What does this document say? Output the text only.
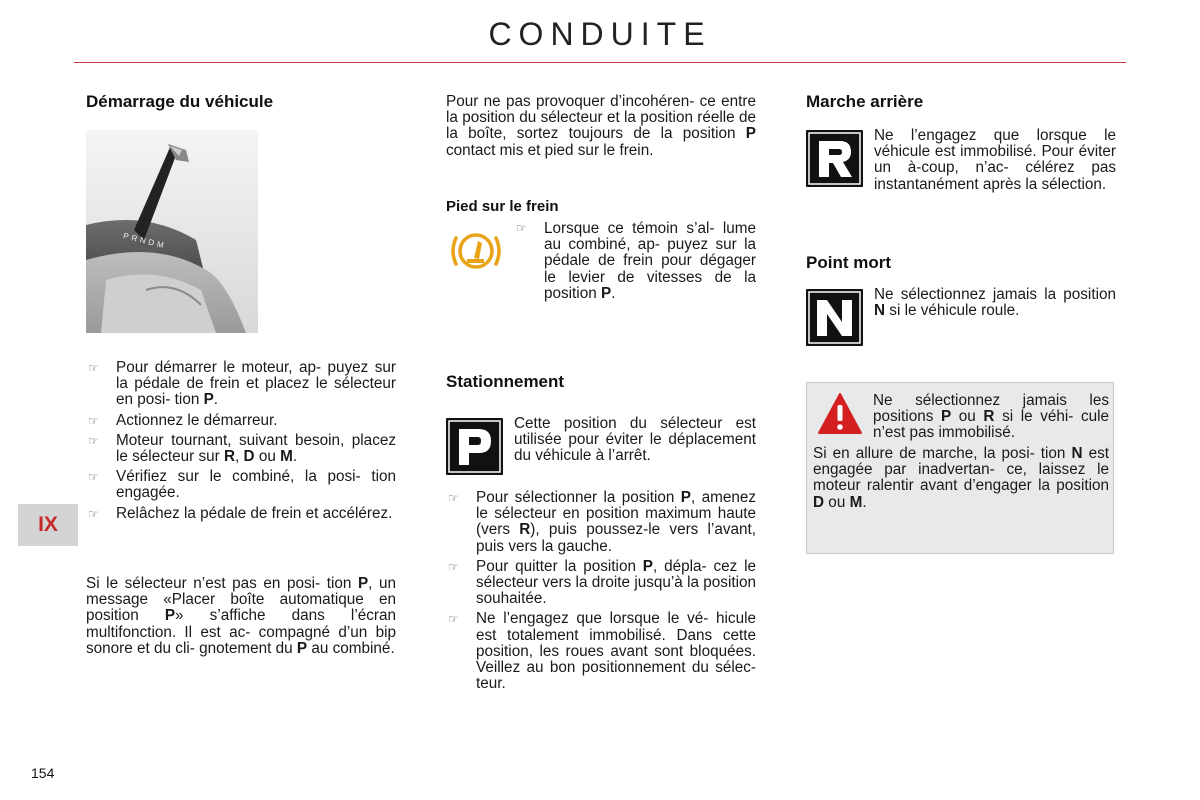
CONDUITE
IX
154
Démarrage du véhicule
PRNDM
☞ Pour démarrer le moteur, ap- puyez sur la pédale de frein et placez le sélecteur en posi- tion P.
☞ Actionnez le démarreur.
☞ Moteur tournant, suivant besoin, placez le sélecteur sur R, D ou M.
☞ Vérifiez sur le combiné, la posi- tion engagée.
☞ Relâchez la pédale de frein et accélérez.

Si le sélecteur n’est pas en posi- tion P, un message «Placer boîte automatique en position P» s’affiche dans l’écran multifonction. Il est ac- compagné d’un bip sonore et du cli- gnotement du P au combiné.

Pour ne pas provoquer d’incohéren- ce entre la position du sélecteur et la position réelle de la boîte, sortez toujours de la position P contact mis et pied sur le frein.

Pied sur le frein
☞	Lorsque ce témoin s’al- lume au combiné, ap- puyez sur la pédale de frein pour dégager le levier de vitesses de la position P.

Stationnement

Cette position du sélecteur est utilisée pour éviter le déplacement du véhicule à l’arrêt.

☞ Pour sélectionner la position P, amenez le sélecteur en position maximum haute (vers R), puis poussez-le vers l’avant, puis vers la gauche.
☞ Pour quitter la position P, dépla- cez le sélecteur vers la droite jusqu’à la position souhaitée.
☞ Ne l’engagez que lorsque le vé- hicule est totalement immobilisé. Dans cette position, les roues avant sont bloquées. Veillez au bon positionnement du sélec- teur.
Marche arrière

Ne l’engagez que lorsque le véhicule est immobilisé. Pour éviter un à-coup, n’ac- célérez pas instantanément après la sélection.

Point mort

Ne sélectionnez jamais la position N si le véhicule roule.

Ne sélectionnez jamais les positions P ou R si le véhi- cule n’est pas immobilisé.

Si en allure de marche, la posi- tion N est engagée par inadvertan- ce, laissez le moteur ralentir avant d’engager la position D ou M.
